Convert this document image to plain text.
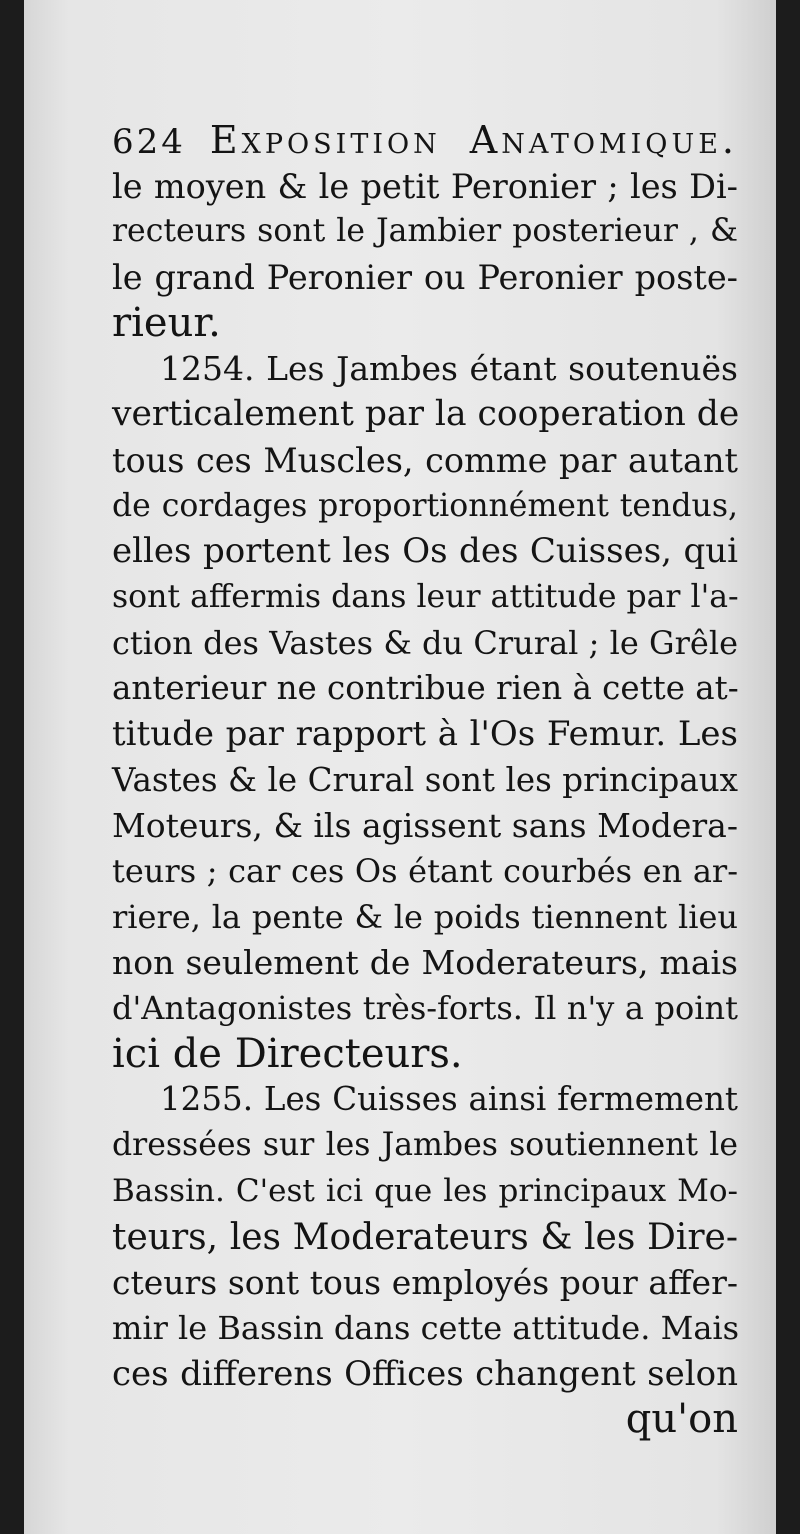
624 Exposition Anatomique.
le moyen & le petit Peronier ; les Di-
recteurs sont le Jambier posterieur , &
le grand Peronier ou Peronier poste-
rieur.
1254. Les Jambes étant soutenuës
verticalement par la cooperation de
tous ces Muscles, comme par autant
de cordages proportionnément tendus,
elles portent les Os des Cuisses, qui
sont affermis dans leur attitude par l'a-
ction des Vastes & du Crural ; le Grêle
anterieur ne contribue rien à cette at-
titude par rapport à l'Os Femur. Les
Vastes & le Crural sont les principaux
Moteurs, & ils agissent sans Modera-
teurs ; car ces Os étant courbés en ar-
riere, la pente & le poids tiennent lieu
non seulement de Moderateurs, mais
d'Antagonistes très-forts. Il n'y a point
ici de Directeurs.
1255. Les Cuisses ainsi fermement
dressées sur les Jambes soutiennent le
Bassin. C'est ici que les principaux Mo-
teurs, les Moderateurs & les Dire-
cteurs sont tous employés pour affer-
mir le Bassin dans cette attitude. Mais
ces differens Offices changent selon
qu'on
